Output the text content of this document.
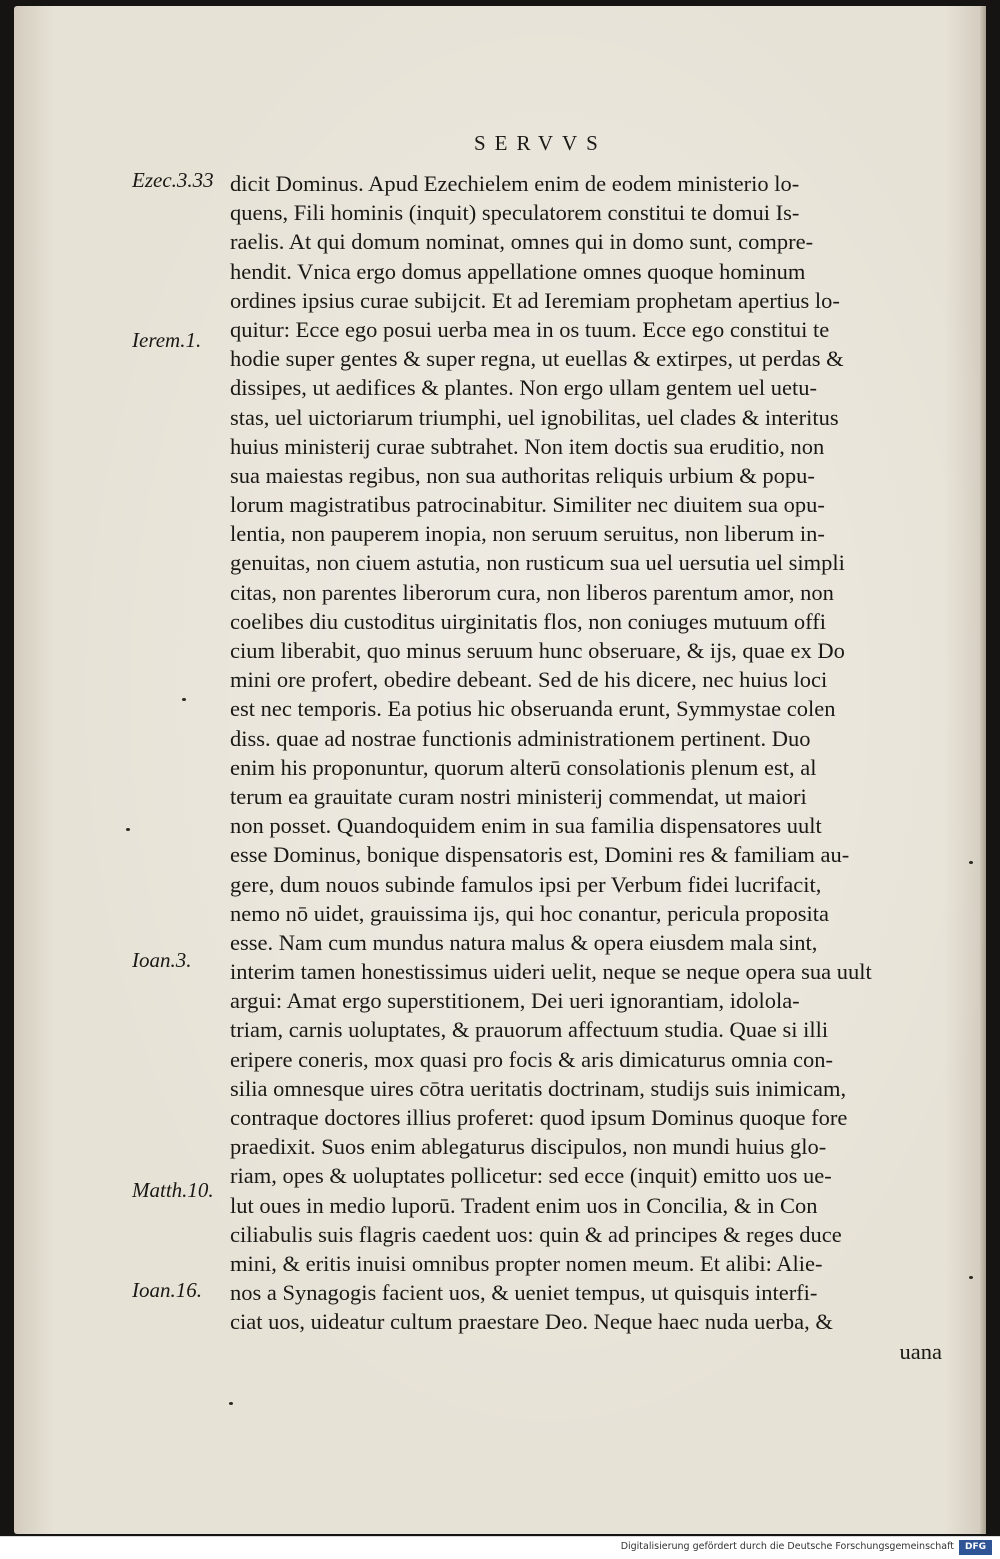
SERVVS
Ezec.3.33
Ierem.1.
Ioan.3.
Matth.10.
Ioan.16.
dicit Dominus. Apud Ezechielem enim de eodem ministerio lo-
quens, Fili hominis (inquit) speculatorem constitui te domui Is-
raelis. At qui domum nominat, omnes qui in domo sunt, compre-
hendit. Vnica ergo domus appellatione omnes quoque hominum
ordines ipsius curae subijcit. Et ad Ieremiam prophetam apertius lo-
quitur: Ecce ego posui uerba mea in os tuum. Ecce ego constitui te
hodie super gentes & super regna, ut euellas & extirpes, ut perdas &
dissipes, ut aedifices & plantes. Non ergo ullam gentem uel uetu-
stas, uel uictoriarum triumphi, uel ignobilitas, uel clades & interitus
huius ministerij curae subtrahet. Non item doctis sua eruditio, non
sua maiestas regibus, non sua authoritas reliquis urbium & popu-
lorum magistratibus patrocinabitur. Similiter nec diuitem sua opu-
lentia, non pauperem inopia, non seruum seruitus, non liberum in-
genuitas, non ciuem astutia, non rusticum sua uel uersutia uel simpli
citas, non parentes liberorum cura, non liberos parentum amor, non
coelibes diu custoditus uirginitatis flos, non coniuges mutuum offi
cium liberabit, quo minus seruum hunc obseruare, & ijs, quae ex Do
mini ore profert, obedire debeant. Sed de his dicere, nec huius loci
est nec temporis. Ea potius hic obseruanda erunt, Symmystae colen
diss. quae ad nostrae functionis administrationem pertinent. Duo
enim his proponuntur, quorum alterū consolationis plenum est, al
terum ea grauitate curam nostri ministerij commendat, ut maiori
non posset. Quandoquidem enim in sua familia dispensatores uult
esse Dominus, bonique dispensatoris est, Domini res & familiam au-
gere, dum nouos subinde famulos ipsi per Verbum fidei lucrifacit,
nemo nō uidet, grauissima ijs, qui hoc conantur, pericula proposita
esse. Nam cum mundus natura malus & opera eiusdem mala sint,
interim tamen honestissimus uideri uelit, neque se neque opera sua uult
argui: Amat ergo superstitionem, Dei ueri ignorantiam, idolola-
triam, carnis uoluptates, & prauorum affectuum studia. Quae si illi
eripere coneris, mox quasi pro focis & aris dimicaturus omnia con-
silia omnesque uires cōtra ueritatis doctrinam, studijs suis inimicam,
contraque doctores illius proferet: quod ipsum Dominus quoque fore
praedixit. Suos enim ablegaturus discipulos, non mundi huius glo-
riam, opes & uoluptates pollicetur: sed ecce (inquit) emitto uos ue-
lut oues in medio luporū. Tradent enim uos in Concilia, & in Con
ciliabulis suis flagris caedent uos: quin & ad principes & reges duce
mini, & eritis inuisi omnibus propter nomen meum. Et alibi: Alie-
nos a Synagogis facient uos, & ueniet tempus, ut quisquis interfi-
ciat uos, uideatur cultum praestare Deo. Neque haec nuda uerba, &
uana
Digitalisierung gefördert durch die Deutsche Forschungsgemeinschaft	DFG
